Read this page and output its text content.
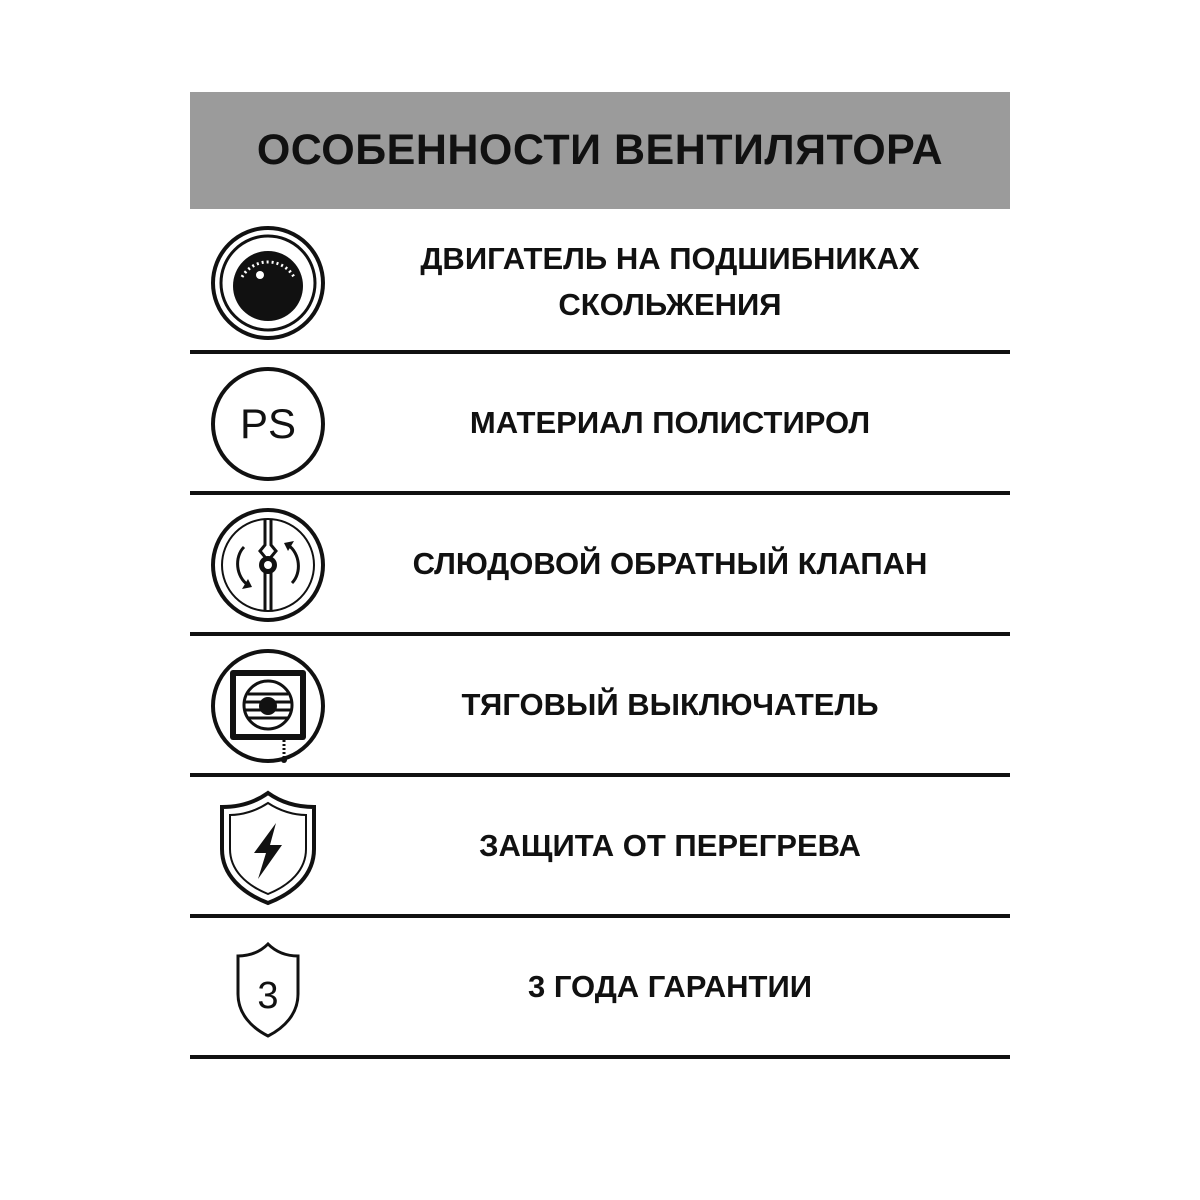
ОСОБЕННОСТИ ВЕНТИЛЯТОРА
ДВИГАТЕЛЬ НА ПОДШИБНИКАХ
СКОЛЬЖЕНИЯ
PS	МАТЕРИАЛ ПОЛИСТИРОЛ
СЛЮДОВОЙ ОБРАТНЫЙ КЛАПАН
ТЯГОВЫЙ ВЫКЛЮЧАТЕЛЬ
ЗАЩИТА ОТ ПЕРЕГРЕВА
3	3 ГОДА ГАРАНТИИ
